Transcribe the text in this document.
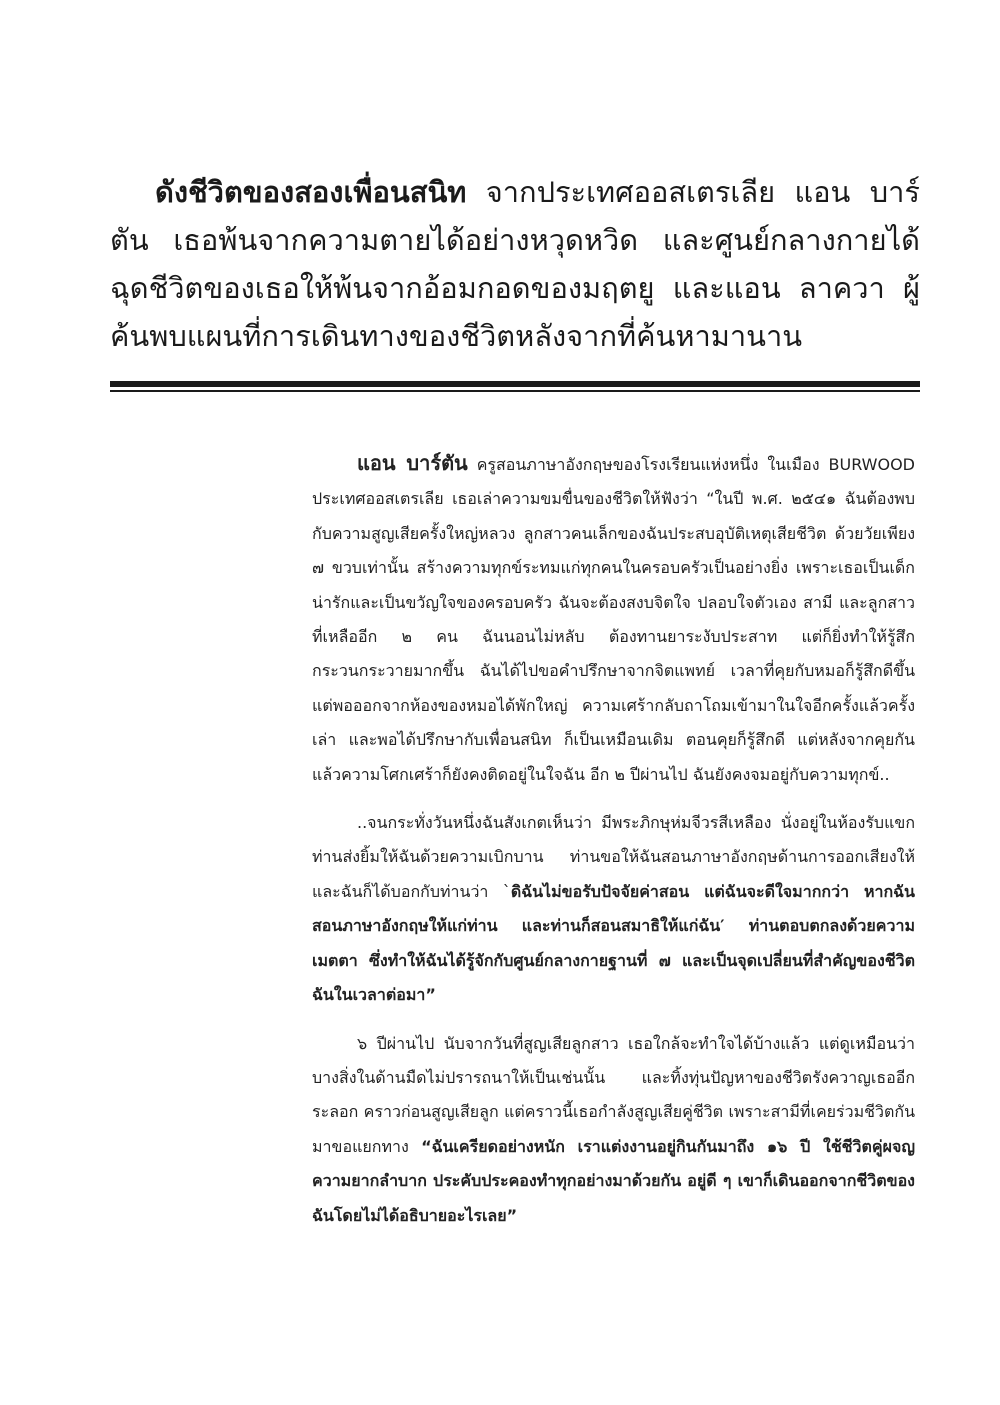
ดังชีวิตของสองเพื่อนสนิท จากประเทศออสเตรเลีย แอน บาร์ตัน เธอพ้นจากความตายได้อย่างหวุดหวิด และศูนย์กลางกายได้ฉุดชีวิตของเธอให้พ้นจากอ้อมกอดของมฤตยู และแอน ลาควา ผู้ค้นพบแผนที่การเดินทางของชีวิตหลังจากที่ค้นหามานาน

แอน บาร์ตัน ครูสอนภาษาอังกฤษของโรงเรียนแห่งหนึ่ง ในเมือง BURWOOD ประเทศออสเตรเลีย เธอเล่าความขมขื่นของชีวิตให้ฟังว่า “ในปี พ.ศ. ๒๕๔๑ ฉันต้องพบกับความสูญเสียครั้งใหญ่หลวง ลูกสาวคนเล็กของฉันประสบอุบัติเหตุเสียชีวิต ด้วยวัยเพียง ๗ ขวบเท่านั้น สร้างความทุกข์ระทมแก่ทุกคนในครอบครัวเป็นอย่างยิ่ง เพราะเธอเป็นเด็กน่ารักและเป็นขวัญใจของครอบครัว ฉันจะต้องสงบจิตใจ ปลอบใจตัวเอง สามี และลูกสาวที่เหลืออีก ๒ คน ฉันนอนไม่หลับ ต้องทานยาระงับประสาท แต่ก็ยิ่งทำให้รู้สึกกระวนกระวายมากขึ้น ฉันได้ไปขอคำปรึกษาจากจิตแพทย์ เวลาที่คุยกับหมอก็รู้สึกดีขึ้น แต่พอออกจากห้องของหมอได้พักใหญ่ ความเศร้ากลับถาโถมเข้ามาในใจอีกครั้งแล้วครั้งเล่า และพอได้ปรึกษากับเพื่อนสนิท ก็เป็นเหมือนเดิม ตอนคุยก็รู้สึกดี แต่หลังจากคุยกันแล้วความโศกเศร้าก็ยังคงติดอยู่ในใจฉัน อีก ๒ ปีผ่านไป ฉันยังคงจมอยู่กับความทุกข์..

..จนกระทั่งวันหนึ่งฉันสังเกตเห็นว่า มีพระภิกษุห่มจีวรสีเหลือง นั่งอยู่ในห้องรับแขก ท่านส่งยิ้มให้ฉันด้วยความเบิกบาน ท่านขอให้ฉันสอนภาษาอังกฤษด้านการออกเสียงให้ และฉันก็ได้บอกกับท่านว่า `ดิฉันไม่ขอรับปัจจัยค่าสอน แต่ฉันจะดีใจมากกว่า หากฉันสอนภาษาอังกฤษให้แก่ท่าน และท่านก็สอนสมาธิให้แก่ฉัน′ ท่านตอบตกลงด้วยความเมตตา ซึ่งทำให้ฉันได้รู้จักกับศูนย์กลางกายฐานที่ ๗ และเป็นจุดเปลี่ยนที่สำคัญของชีวิตฉันในเวลาต่อมา”

๖ ปีผ่านไป นับจากวันที่สูญเสียลูกสาว เธอใกล้จะทำใจได้บ้างแล้ว แต่ดูเหมือนว่าบางสิ่งในด้านมืดไม่ปรารถนาให้เป็นเช่นนั้น และทิ้งทุ่นปัญหาของชีวิตรังควาญเธออีกระลอก คราวก่อนสูญเสียลูก แต่คราวนี้เธอกำลังสูญเสียคู่ชีวิต เพราะสามีที่เคยร่วมชีวิตกันมาขอแยกทาง “ฉันเครียดอย่างหนัก เราแต่งงานอยู่กินกันมาถึง ๑๖ ปี ใช้ชีวิตคู่ผจญความยากลำบาก ประคับประคองทำทุกอย่างมาด้วยกัน อยู่ดี ๆ เขาก็เดินออกจากชีวิตของฉันโดยไม่ได้อธิบายอะไรเลย”
